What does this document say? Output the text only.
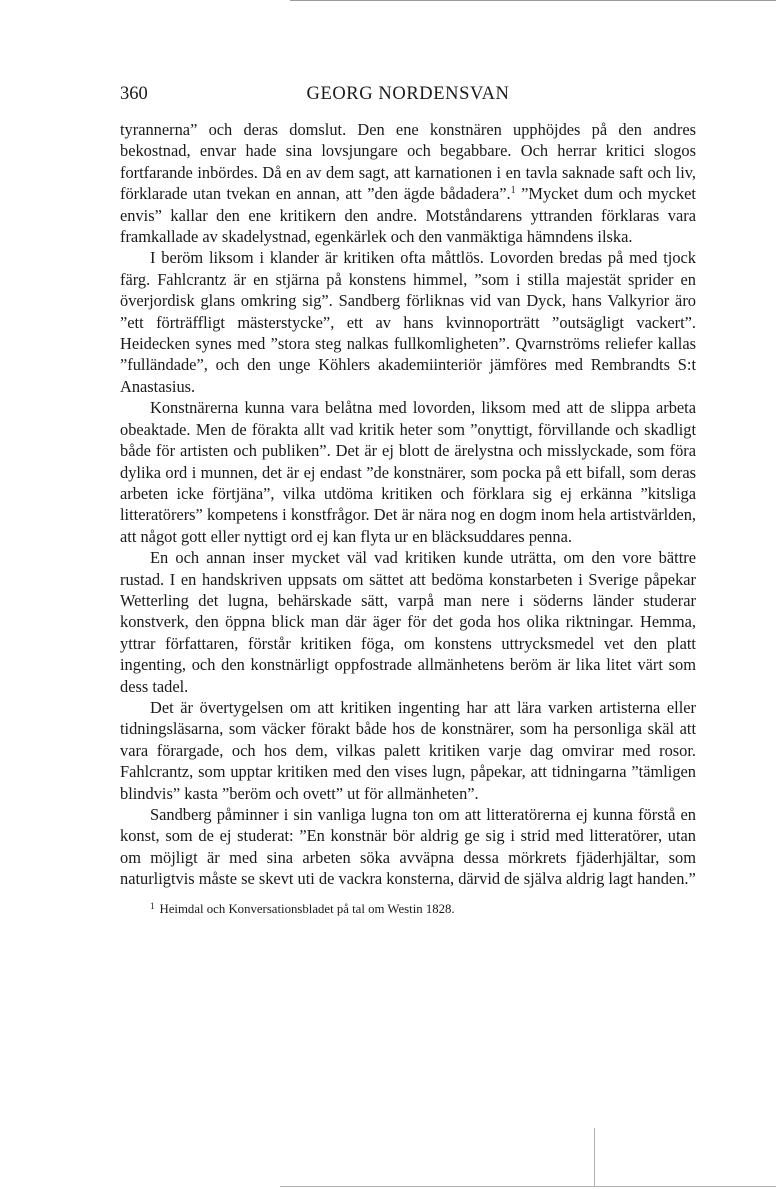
360	GEORG NORDENSVAN

tyrannerna” och deras domslut. Den ene konstnären upphöjdes på den andres bekostnad, envar hade sina lovsjungare och begabbare. Och herrar kritici slogos fortfarande inbördes. Då en av dem sagt, att karnationen i en tavla saknade saft och liv, förklarade utan tvekan en annan, att ”den ägde bådadera”.$^1$ ”Mycket dum och mycket envis” kallar den ene kritikern den andre. Motståndarens yttranden förklaras vara framkallade av skadelystnad, egenkärlek och den vanmäktiga hämndens ilska.

I beröm liksom i klander är kritiken ofta måttlös. Lovorden bredas på med tjock färg. Fahlcrantz är en stjärna på konstens himmel, ”som i stilla majestät sprider en överjordisk glans omkring sig”. Sandberg förliknas vid van Dyck, hans Valkyrior äro ”ett förträffligt mästerstycke”, ett av hans kvinnoporträtt ”outsägligt vackert”. Heidecken synes med ”stora steg nalkas fullkomligheten”. Qvarnströms reliefer kallas ”fulländade”, och den unge Köhlers akademiinteriör jämföres med Rembrandts S:t Anastasius.

Konstnärerna kunna vara belåtna med lovorden, liksom med att de slippa arbeta obeaktade. Men de förakta allt vad kritik heter som ”onyttigt, förvillande och skadligt både för artisten och publiken”. Det är ej blott de ärelystna och misslyckade, som föra dylika ord i munnen, det är ej endast ”de konstnärer, som pocka på ett bifall, som deras arbeten icke förtjäna”, vilka utdöma kritiken och förklara sig ej erkänna ”kitsliga litteratörers” kompetens i konstfrågor. Det är nära nog en dogm inom hela artistvärlden, att något gott eller nyttigt ord ej kan flyta ur en bläcksuddares penna.

En och annan inser mycket väl vad kritiken kunde uträtta, om den vore bättre rustad. I en handskriven uppsats om sättet att bedöma konstarbeten i Sverige påpekar Wetterling det lugna, behärskade sätt, varpå man nere i söderns länder studerar konstverk, den öppna blick man där äger för det goda hos olika riktningar. Hemma, yttrar författaren, förstår kritiken föga, om konstens uttrycksmedel vet den platt ingenting, och den konstnärligt oppfostrade allmänhetens beröm är lika litet värt som dess tadel.

Det är övertygelsen om att kritiken ingenting har att lära varken artisterna eller tidningsläsarna, som väcker förakt både hos de konstnärer, som ha personliga skäl att vara förargade, och hos dem, vilkas palett kritiken varje dag omvirar med rosor. Fahlcrantz, som upptar kritiken med den vises lugn, påpekar, att tidningarna ”tämligen blindvis” kasta ”beröm och ovett” ut för allmänheten”.

Sandberg påminner i sin vanliga lugna ton om att litteratörerna ej kunna förstå en konst, som de ej studerat: ”En konstnär bör aldrig ge sig i strid med litteratörer, utan om möjligt är med sina arbeten söka avväpna dessa mörkrets fjäderhjältar, som naturligtvis måste se skevt uti de vackra konsterna, därvid de själva aldrig lagt handen.”

$^1$ Heimdal och Konversationsbladet på tal om Westin 1828.
